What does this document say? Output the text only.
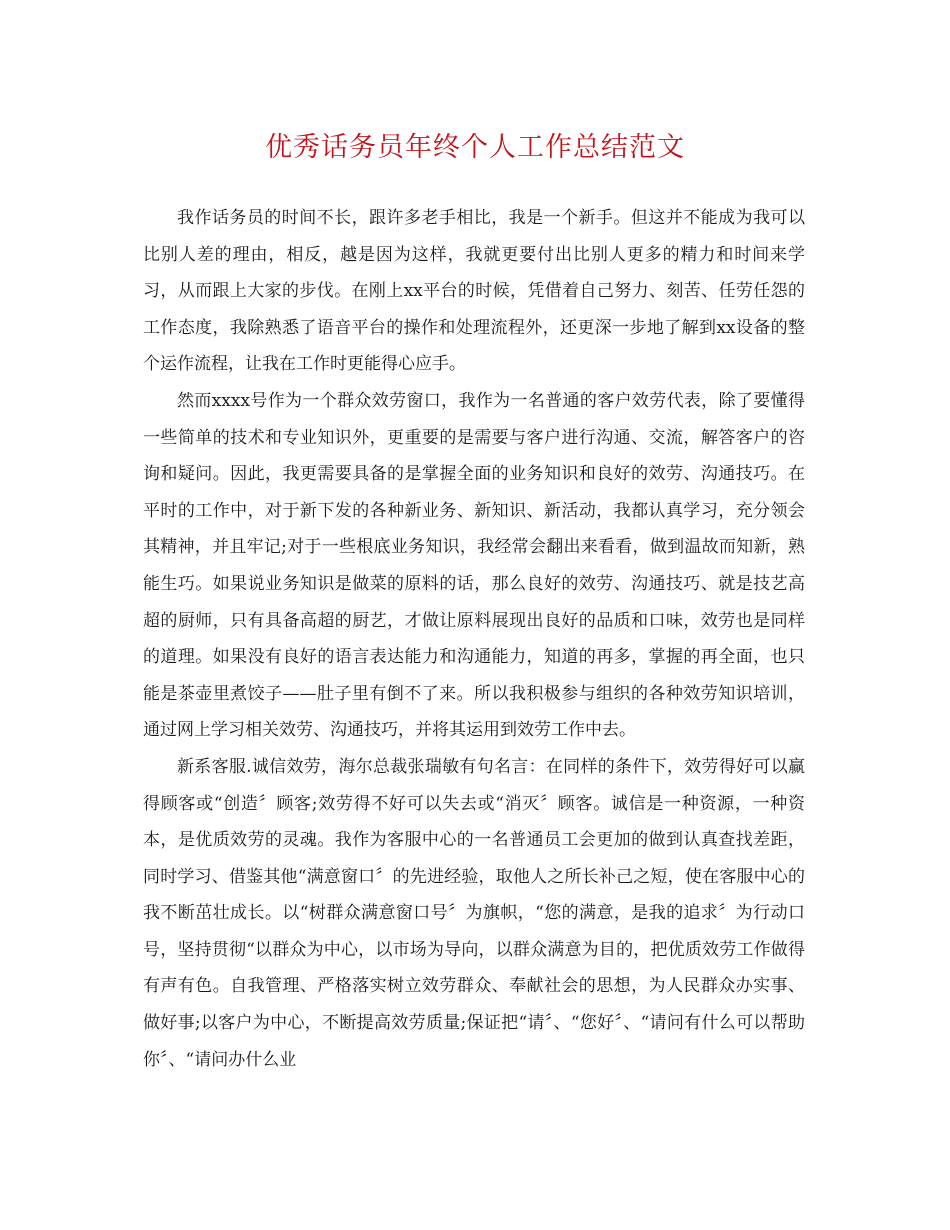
优秀话务员年终个人工作总结范文

我作话务员的时间不长，跟许多老手相比，我是一个新手。但这并不能成为我可以比别人差的理由，相反，越是因为这样，我就更要付出比别人更多的精力和时间来学习，从而跟上大家的步伐。在刚上xx平台的时候，凭借着自己努力、刻苦、任劳任怨的工作态度，我除熟悉了语音平台的操作和处理流程外，还更深一步地了解到xx设备的整个运作流程，让我在工作时更能得心应手。

然而xxxx号作为一个群众效劳窗口，我作为一名普通的客户效劳代表，除了要懂得一些简单的技术和专业知识外，更重要的是需要与客户进行沟通、交流，解答客户的咨询和疑问。因此，我更需要具备的是掌握全面的业务知识和良好的效劳、沟通技巧。在平时的工作中，对于新下发的各种新业务、新知识、新活动，我都认真学习，充分领会其精神，并且牢记;对于一些根底业务知识，我经常会翻出来看看，做到温故而知新，熟能生巧。如果说业务知识是做菜的原料的话，那么良好的效劳、沟通技巧、就是技艺高超的厨师，只有具备高超的厨艺，才做让原料展现出良好的品质和口味，效劳也是同样的道理。如果没有良好的语言表达能力和沟通能力，知道的再多，掌握的再全面，也只能是茶壶里煮饺子——肚子里有倒不了来。所以我积极参与组织的各种效劳知识培训，通过网上学习相关效劳、沟通技巧，并将其运用到效劳工作中去。

新系客服.诚信效劳，海尔总裁张瑞敏有句名言：在同样的条件下，效劳得好可以赢得顾客或“创造〞顾客;效劳得不好可以失去或“消灭〞顾客。诚信是一种资源，一种资本，是优质效劳的灵魂。我作为客服中心的一名普通员工会更加的做到认真查找差距，同时学习、借鉴其他“满意窗口〞的先进经验，取他人之所长补己之短，使在客服中心的我不断茁壮成长。以“树群众满意窗口号〞为旗帜，“您的满意，是我的追求〞为行动口号，坚持贯彻“以群众为中心，以市场为导向，以群众满意为目的，把优质效劳工作做得有声有色。自我管理、严格落实树立效劳群众、奉献社会的思想，为人民群众办实事、做好事;以客户为中心，不断提高效劳质量;保证把“请〞、“您好〞、“请问有什么可以帮助你〞、“请问办什么业
